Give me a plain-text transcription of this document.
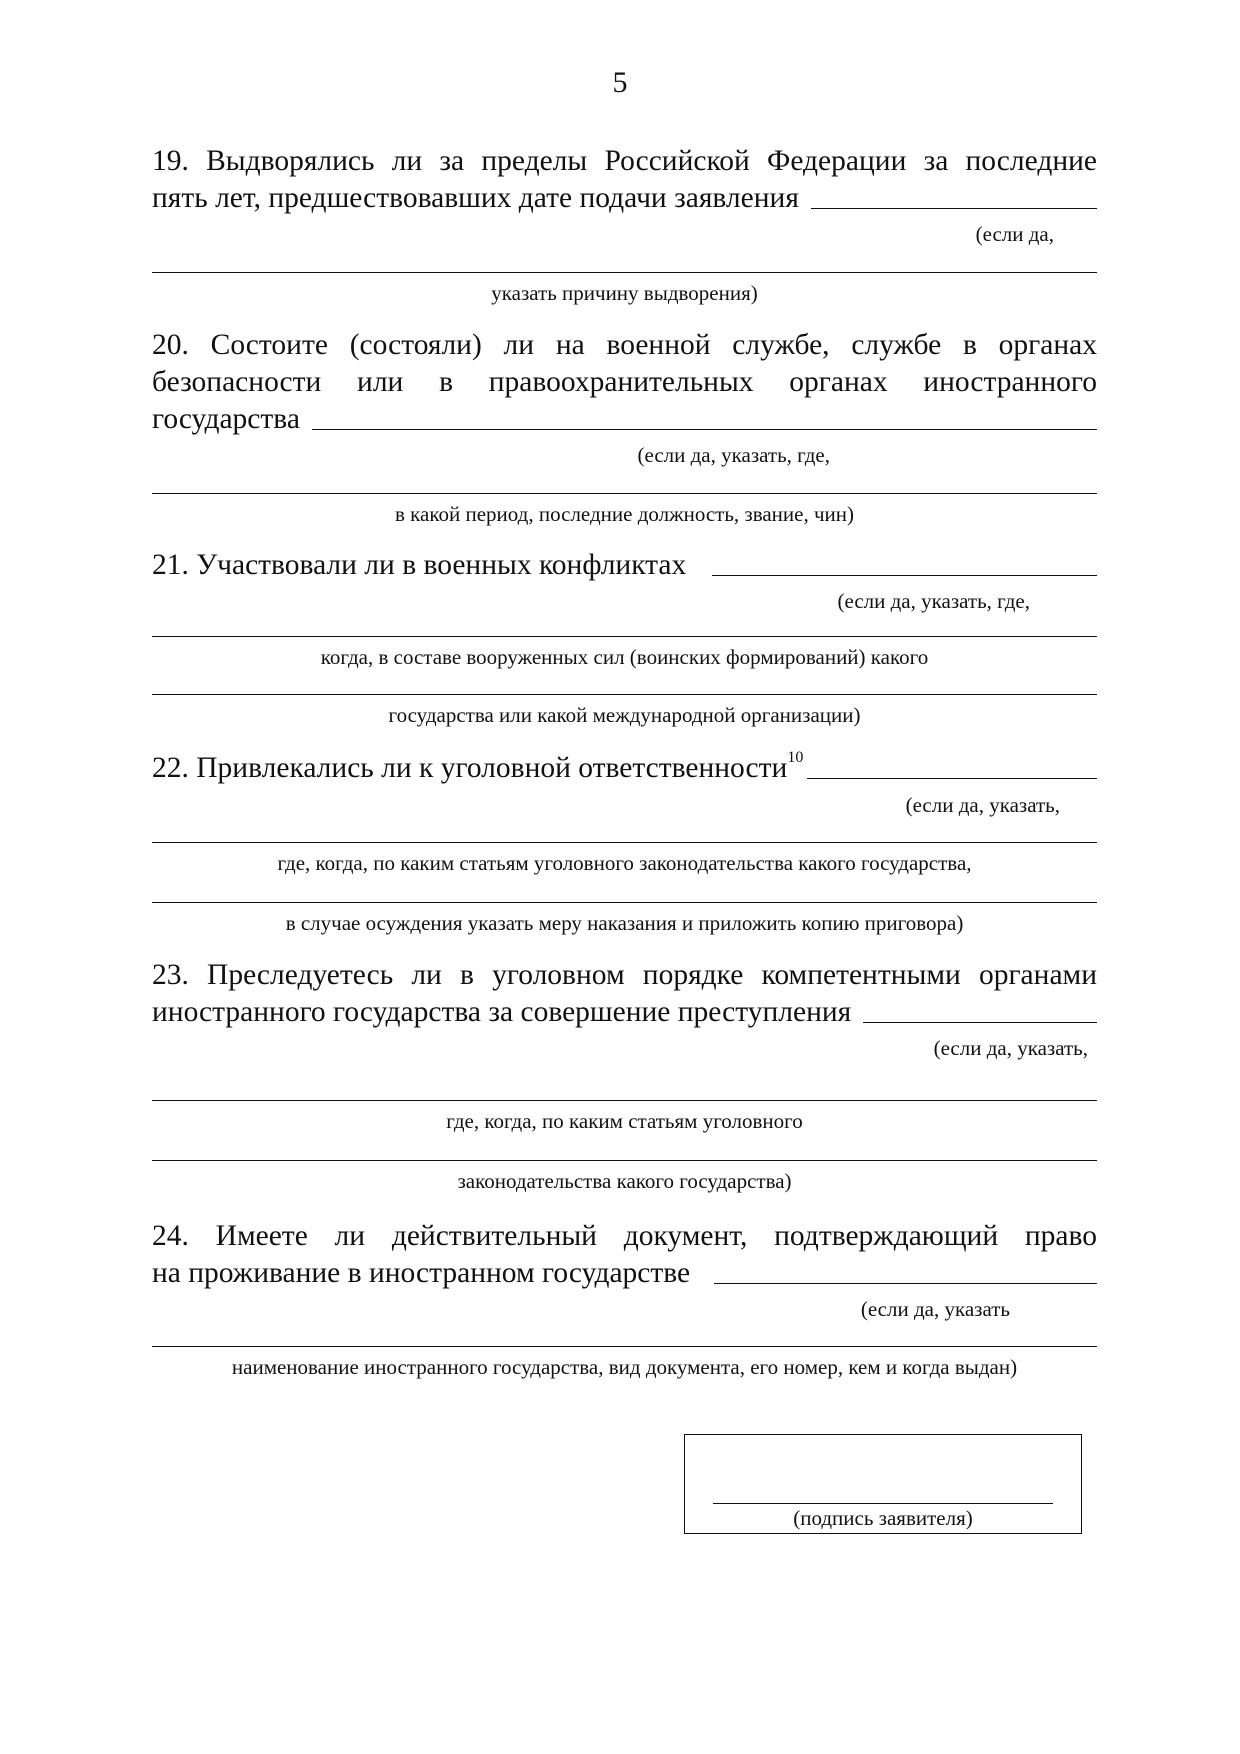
5

19. Выдворялись ли за пределы Российской Федерации за последние

пять лет, предшествовавших дате подачи заявления
(если да,
указать причину выдворения)

20. Состоите (состояли) ли на военной службе, службе в органах

безопасности или в правоохранительных органах иностранного

государства
(если да, указать, где,
в какой период, последние должность, звание, чин)
21. Участвовали ли в военных конфликтах
(если да, указать, где,
когда, в составе вооруженных сил (воинских формирований) какого
государства или какой международной организации)
22. Привлекались ли к уголовной ответственности$^{10}$
(если да, указать,
где, когда, по каким статьям уголовного законодательства какого государства,
в случае осуждения указать меру наказания и приложить копию приговора)

23. Преследуетесь ли в уголовном порядке компетентными органами

иностранного государства за совершение преступления
(если да, указать,
где, когда, по каким статьям уголовного
законодательства какого государства)

24. Имеете ли действительный документ, подтверждающий право

на проживание в иностранном государстве
(если да, указать
наименование иностранного государства, вид документа, его номер, кем и когда выдан)
(подпись заявителя)
